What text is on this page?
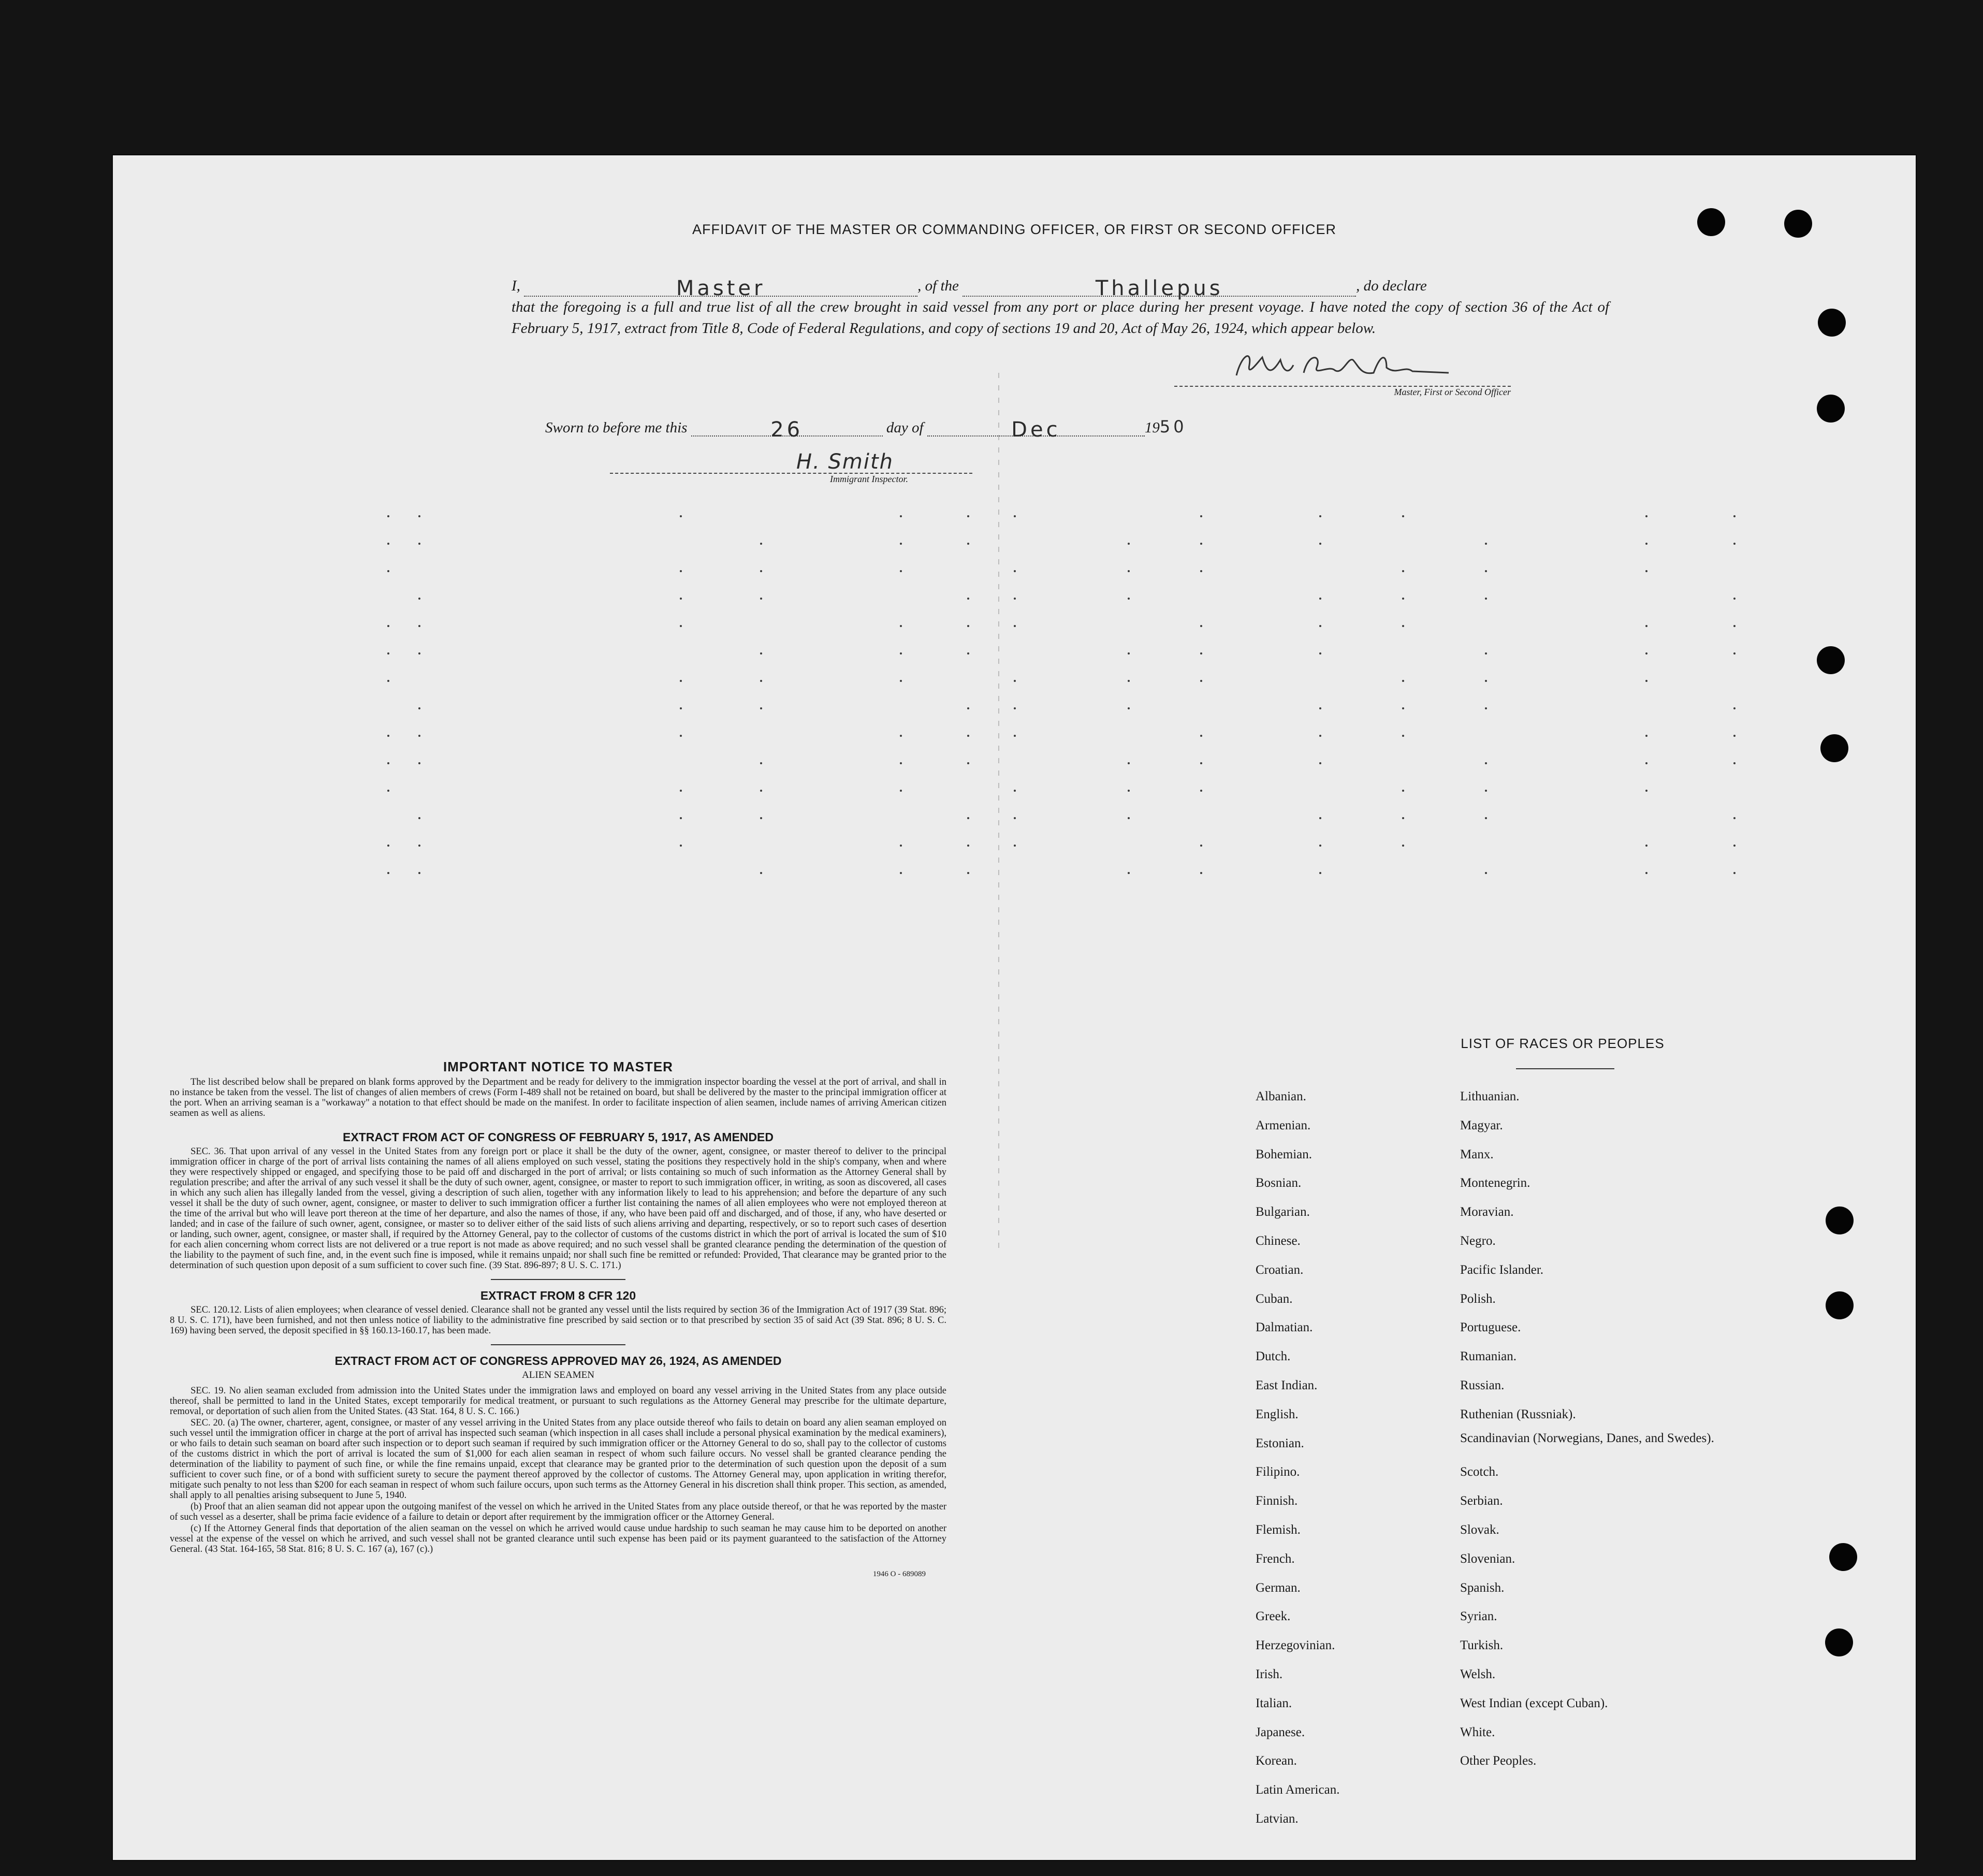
AFFIDAVIT OF THE MASTER OR COMMANDING OFFICER, OR FIRST OR SECOND OFFICER

I,	Master	, of the	Thallepus	, do declare

that the foregoing is a full and true list of all the crew brought in said vessel from any port or place during her present voyage. I have noted the copy of section 36 of the Act of February 5, 1917, extract from Title 8, Code of Federal Regulations, and copy of sections 19 and 20, Act of May 26, 1924, which appear below.

Master, First or Second Officer
Sworn to before me this	26	day of	Dec	1950
H. Smith
Immigrant Inspector.
IMPORTANT NOTICE TO MASTER

The list described below shall be prepared on blank forms approved by the Department and be ready for delivery to the immigration inspector boarding the vessel at the port of arrival, and shall in no instance be taken from the vessel. The list of changes of alien members of crews (Form I-489 shall not be retained on board, but shall be delivered by the master to the principal immigration officer at the port. When an arriving seaman is a "workaway" a notation to that effect should be made on the manifest. In order to facilitate inspection of alien seamen, include names of arriving American citizen seamen as well as aliens.

EXTRACT FROM ACT OF CONGRESS OF FEBRUARY 5, 1917, AS AMENDED

SEC. 36. That upon arrival of any vessel in the United States from any foreign port or place it shall be the duty of the owner, agent, consignee, or master thereof to deliver to the principal immigration officer in charge of the port of arrival lists containing the names of all aliens employed on such vessel, stating the positions they respectively hold in the ship's company, when and where they were respectively shipped or engaged, and specifying those to be paid off and discharged in the port of arrival; or lists containing so much of such information as the Attorney General shall by regulation prescribe; and after the arrival of any such vessel it shall be the duty of such owner, agent, consignee, or master to report to such immigration officer, in writing, as soon as discovered, all cases in which any such alien has illegally landed from the vessel, giving a description of such alien, together with any information likely to lead to his apprehension; and before the departure of any such vessel it shall be the duty of such owner, agent, consignee, or master to deliver to such immigration officer a further list containing the names of all alien employees who were not employed thereon at the time of the arrival but who will leave port thereon at the time of her departure, and also the names of those, if any, who have been paid off and discharged, and of those, if any, who have deserted or landed; and in case of the failure of such owner, agent, consignee, or master so to deliver either of the said lists of such aliens arriving and departing, respectively, or so to report such cases of desertion or landing, such owner, agent, consignee, or master shall, if required by the Attorney General, pay to the collector of customs of the customs district in which the port of arrival is located the sum of $10 for each alien concerning whom correct lists are not delivered or a true report is not made as above required; and no such vessel shall be granted clearance pending the determination of the question of the liability to the payment of such fine, and, in the event such fine is imposed, while it remains unpaid; nor shall such fine be remitted or refunded: Provided, That clearance may be granted prior to the determination of such question upon deposit of a sum sufficient to cover such fine. (39 Stat. 896-897; 8 U. S. C. 171.)

EXTRACT FROM 8 CFR 120

SEC. 120.12. Lists of alien employees; when clearance of vessel denied. Clearance shall not be granted any vessel until the lists required by section 36 of the Immigration Act of 1917 (39 Stat. 896; 8 U. S. C. 171), have been furnished, and not then unless notice of liability to the administrative fine prescribed by said section or to that prescribed by section 35 of said Act (39 Stat. 896; 8 U. S. C. 169) having been served, the deposit specified in §§ 160.13-160.17, has been made.

EXTRACT FROM ACT OF CONGRESS APPROVED MAY 26, 1924, AS AMENDED
ALIEN SEAMEN

SEC. 19. No alien seaman excluded from admission into the United States under the immigration laws and employed on board any vessel arriving in the United States from any place outside thereof, shall be permitted to land in the United States, except temporarily for medical treatment, or pursuant to such regulations as the Attorney General may prescribe for the ultimate departure, removal, or deportation of such alien from the United States. (43 Stat. 164, 8 U. S. C. 166.)

SEC. 20. (a) The owner, charterer, agent, consignee, or master of any vessel arriving in the United States from any place outside thereof who fails to detain on board any alien seaman employed on such vessel until the immigration officer in charge at the port of arrival has inspected such seaman (which inspection in all cases shall include a personal physical examination by the medical examiners), or who fails to detain such seaman on board after such inspection or to deport such seaman if required by such immigration officer or the Attorney General to do so, shall pay to the collector of customs of the customs district in which the port of arrival is located the sum of $1,000 for each alien seaman in respect of whom such failure occurs. No vessel shall be granted clearance pending the determination of the liability to payment of such fine, or while the fine remains unpaid, except that clearance may be granted prior to the determination of such question upon the deposit of a sum sufficient to cover such fine, or of a bond with sufficient surety to secure the payment thereof approved by the collector of customs. The Attorney General may, upon application in writing therefor, mitigate such penalty to not less than $200 for each seaman in respect of whom such failure occurs, upon such terms as the Attorney General in his discretion shall think proper. This section, as amended, shall apply to all penalties arising subsequent to June 5, 1940.

(b) Proof that an alien seaman did not appear upon the outgoing manifest of the vessel on which he arrived in the United States from any place outside thereof, or that he was reported by the master of such vessel as a deserter, shall be prima facie evidence of a failure to detain or deport after requirement by the immigration officer or the Attorney General.

(c) If the Attorney General finds that deportation of the alien seaman on the vessel on which he arrived would cause undue hardship to such seaman he may cause him to be deported on another vessel at the expense of the vessel on which he arrived, and such vessel shall not be granted clearance until such expense has been paid or its payment guaranteed to the satisfaction of the Attorney General. (43 Stat. 164-165, 58 Stat. 816; 8 U. S. C. 167 (a), 167 (c).)

1946 O - 689089
LIST OF RACES OR PEOPLES
Albanian.
Armenian.
Bohemian.
Bosnian.
Bulgarian.
Chinese.
Croatian.
Cuban.
Dalmatian.
Dutch.
East Indian.
English.
Estonian.
Filipino.
Finnish.
Flemish.
French.
German.
Greek.
Herzegovinian.
Irish.
Italian.
Japanese.
Korean.
Latin American.
Latvian.
Lithuanian.
Magyar.
Manx.
Montenegrin.
Moravian.
Negro.
Pacific Islander.
Polish.
Portuguese.
Rumanian.
Russian.
Ruthenian (Russniak).
Scandinavian (Norwegians, Danes, and Swedes).
Scotch.
Serbian.
Slovak.
Slovenian.
Spanish.
Syrian.
Turkish.
Welsh.
West Indian (except Cuban).
White.
Other Peoples.
